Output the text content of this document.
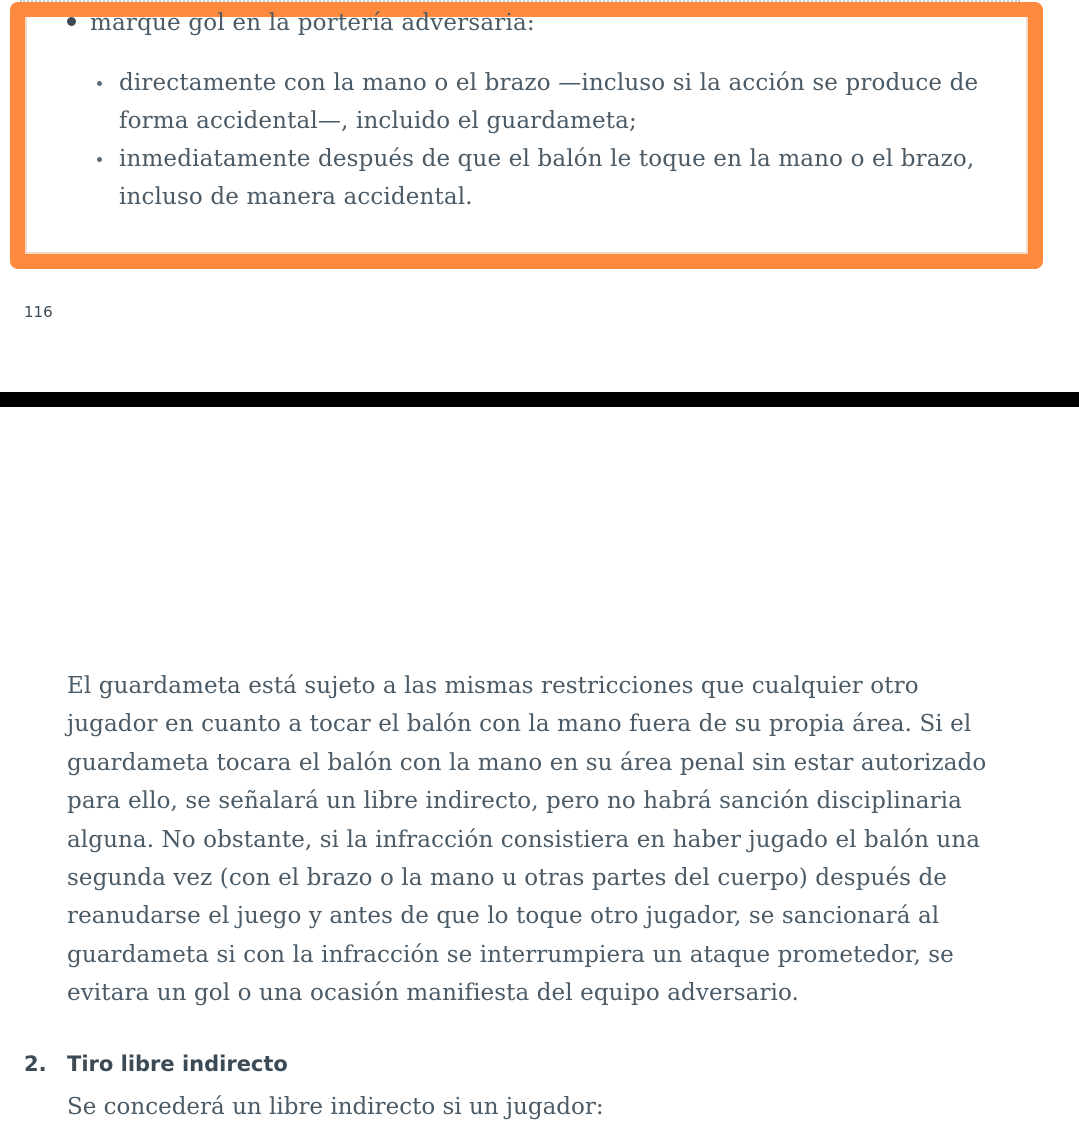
marque gol en la portería adversaria:
directamente con la mano o el brazo —incluso si la acción se produce de
forma accidental—, incluido el guardameta;
inmediatamente después de que el balón le toque en la mano o el brazo,
incluso de manera accidental.
116
El guardameta está sujeto a las mismas restricciones que cualquier otro
jugador en cuanto a tocar el balón con la mano fuera de su propia área. Si el
guardameta tocara el balón con la mano en su área penal sin estar autorizado
para ello, se señalará un libre indirecto, pero no habrá sanción disciplinaria
alguna. No obstante, si la infracción consistiera en haber jugado el balón una
segunda vez (con el brazo o la mano u otras partes del cuerpo) después de
reanudarse el juego y antes de que lo toque otro jugador, se sancionará al
guardameta si con la infracción se interrumpiera un ataque prometedor, se
evitara un gol o una ocasión manifiesta del equipo adversario.
2. Tiro libre indirecto
Se concederá un libre indirecto si un jugador:
